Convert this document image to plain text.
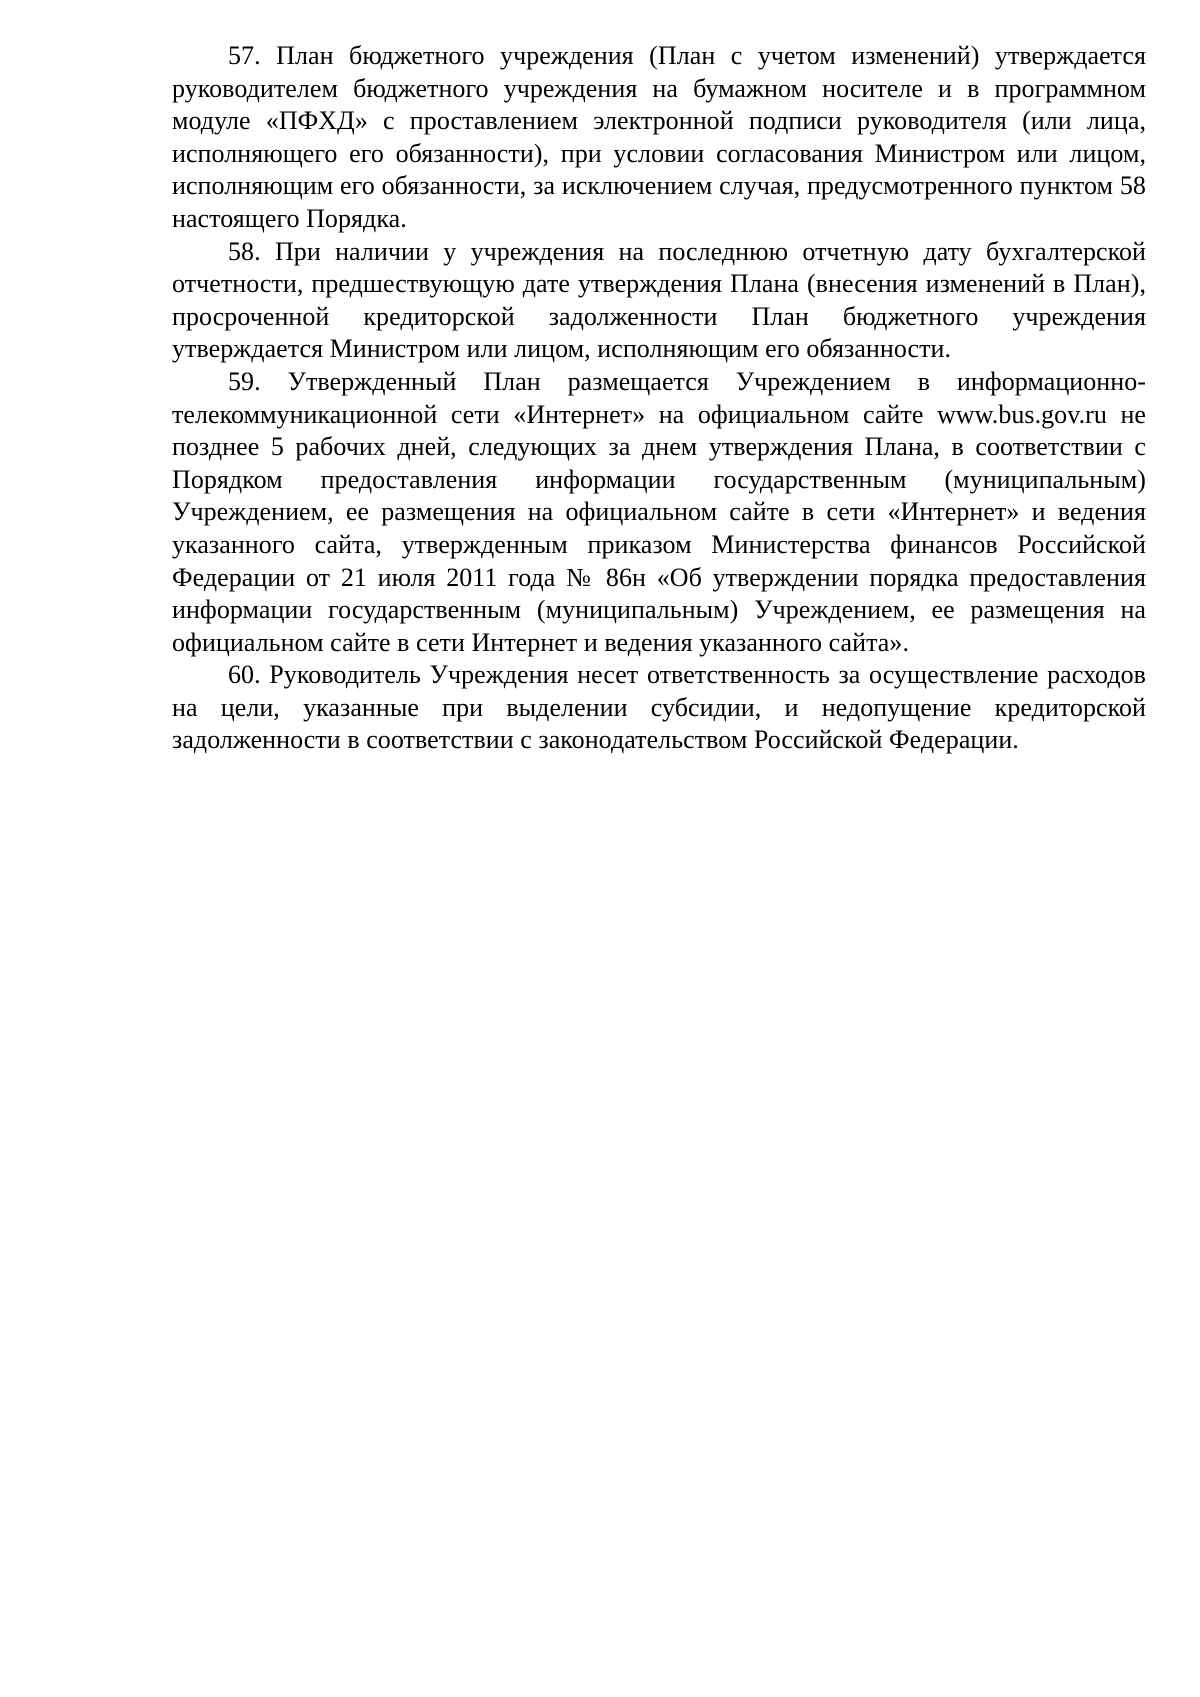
57. План бюджетного учреждения (План с учетом изменений) утверждается руководителем бюджетного учреждения на бумажном носителе и в программном модуле «ПФХД» с проставлением электронной подписи руководителя (или лица, исполняющего его обязанности), при условии согласования Министром или лицом, исполняющим его обязанности, за исключением случая, предусмотренного пунктом 58 настоящего Порядка.

58. При наличии у учреждения на последнюю отчетную дату бухгалтерской отчетности, предшествующую дате утверждения Плана (внесения изменений в План), просроченной кредиторской задолженности План бюджетного учреждения утверждается Министром или лицом, исполняющим его обязанности.

59. Утвержденный План размещается Учреждением в информационно-телекоммуникационной сети «Интернет» на официальном сайте www.bus.gov.ru не позднее 5 рабочих дней, следующих за днем утверждения Плана, в соответствии с Порядком предоставления информации государственным (муниципальным) Учреждением, ее размещения на официальном сайте в сети «Интернет» и ведения указанного сайта, утвержденным приказом Министерства финансов Российской Федерации от 21 июля 2011 года № 86н «Об утверждении порядка предоставления информации государственным (муниципальным) Учреждением, ее размещения на официальном сайте в сети Интернет и ведения указанного сайта».

60. Руководитель Учреждения несет ответственность за осуществление расходов на цели, указанные при выделении субсидии, и недопущение кредиторской задолженности в соответствии с законодательством Российской Федерации.
